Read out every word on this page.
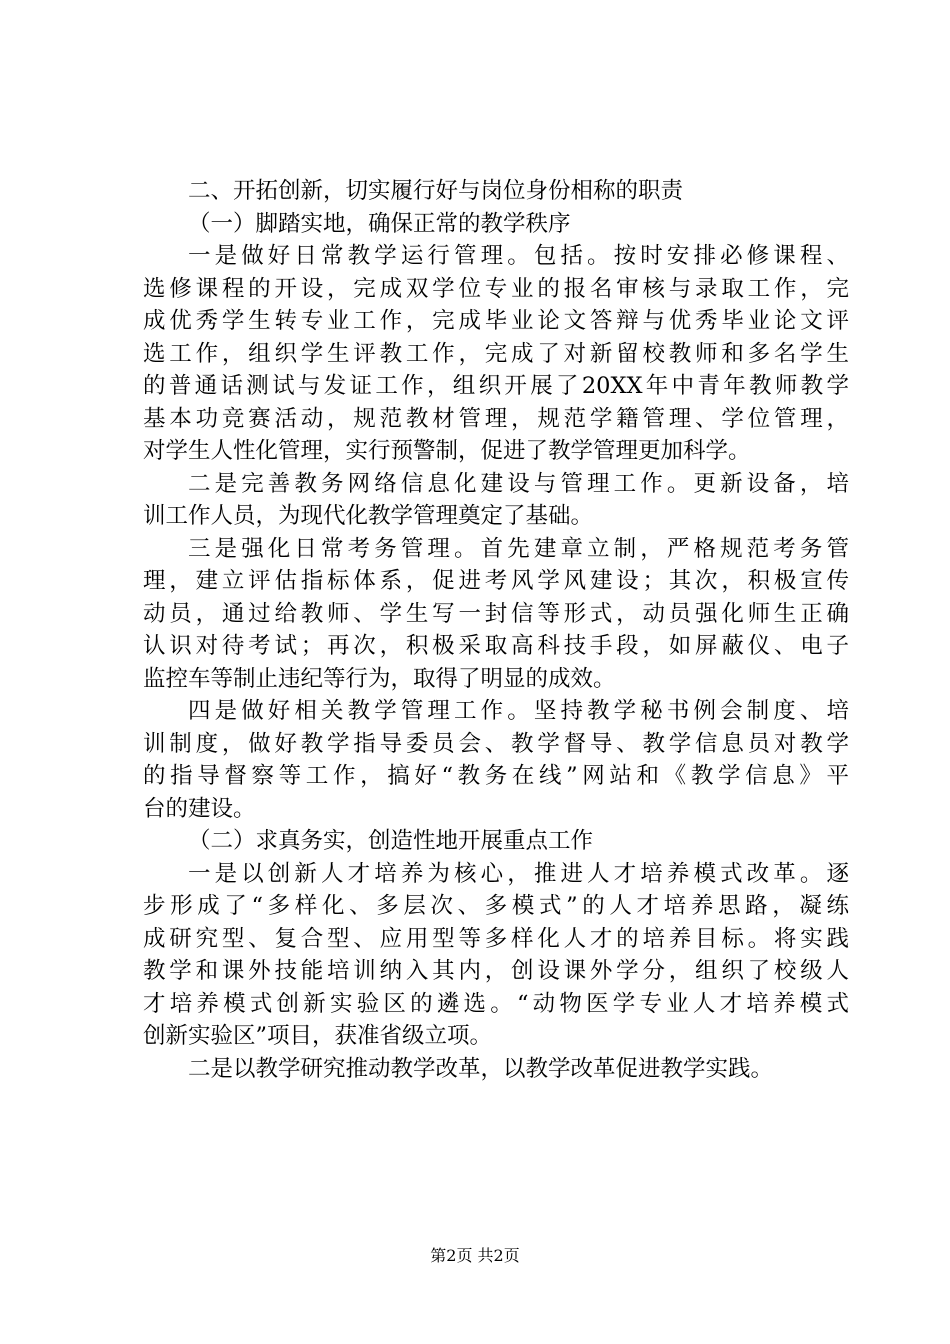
二、开拓创新，切实履行好与岗位身份相称的职责
（一）脚踏实地，确保正常的教学秩序
一是做好日常教学运行管理。包括。按时安排必修课程、
选修课程的开设，完成双学位专业的报名审核与录取工作，完
成优秀学生转专业工作，完成毕业论文答辩与优秀毕业论文评
选工作，组织学生评教工作，完成了对新留校教师和多名学生
的普通话测试与发证工作，组织开展了20XX年中青年教师教学
基本功竞赛活动，规范教材管理，规范学籍管理、学位管理，
对学生人性化管理，实行预警制，促进了教学管理更加科学。
二是完善教务网络信息化建设与管理工作。更新设备，培
训工作人员，为现代化教学管理奠定了基础。
三是强化日常考务管理。首先建章立制，严格规范考务管
理，建立评估指标体系，促进考风学风建设；其次，积极宣传
动员，通过给教师、学生写一封信等形式，动员强化师生正确
认识对待考试；再次，积极采取高科技手段，如屏蔽仪、电子
监控车等制止违纪等行为，取得了明显的成效。
四是做好相关教学管理工作。坚持教学秘书例会制度、培
训制度，做好教学指导委员会、教学督导、教学信息员对教学
的指导督察等工作，搞好“教务在线”网站和《教学信息》平
台的建设。
（二）求真务实，创造性地开展重点工作
一是以创新人才培养为核心，推进人才培养模式改革。逐
步形成了“多样化、多层次、多模式”的人才培养思路，凝练
成研究型、复合型、应用型等多样化人才的培养目标。将实践
教学和课外技能培训纳入其内，创设课外学分，组织了校级人
才培养模式创新实验区的遴选。“动物医学专业人才培养模式
创新实验区”项目，获准省级立项。
二是以教学研究推动教学改革，以教学改革促进教学实践。
第2页 共2页
